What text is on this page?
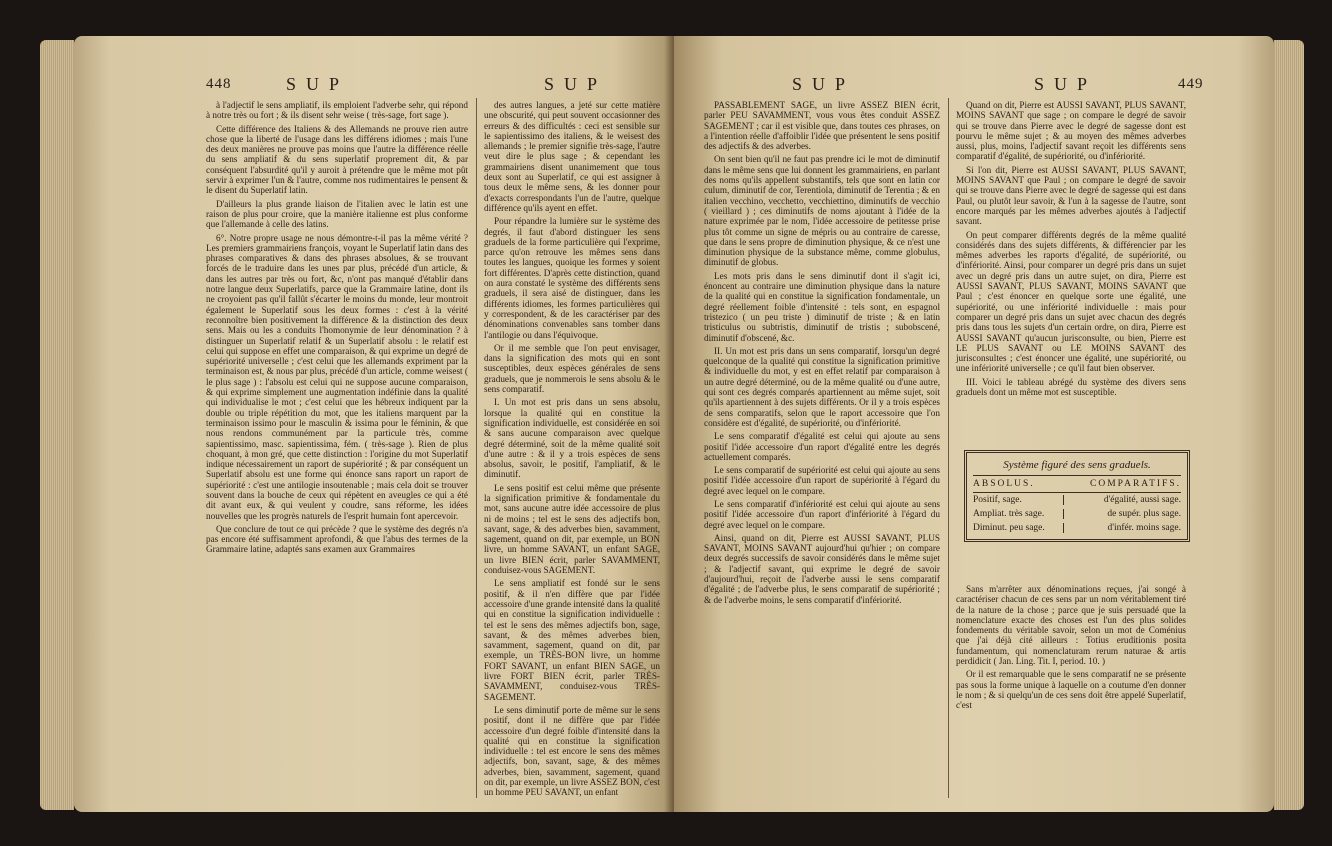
448	SUP	SUP

à l'adjectif le sens ampliatif, ils emploient l'adverbe sehr, qui répond à notre très ou fort ; & ils disent sehr weise ( très-sage, fort sage ).

Cette différence des Italiens & des Allemands ne prouve rien autre chose que la liberté de l'usage dans les différens idiomes ; mais l'une des deux manières ne prouve pas moins que l'autre la différence réelle du sens ampliatif & du sens superlatif proprement dit, & par conséquent l'absurdité qu'il y auroit à prétendre que le même mot pût servir à exprimer l'un & l'autre, comme nos rudimentaires le pensent & le disent du Superlatif latin.

D'ailleurs la plus grande liaison de l'italien avec le latin est une raison de plus pour croire, que la manière italienne est plus conforme que l'allemande à celle des latins.

6°. Notre propre usage ne nous démontre-t-il pas la même vérité ? Les premiers grammairiens françois, voyant le Superlatif latin dans des phrases comparatives & dans des phrases absolues, & se trouvant forcés de le traduire dans les unes par plus, précédé d'un article, & dans les autres par très ou fort, &c, n'ont pas manqué d'établir dans notre langue deux Superlatifs, parce que la Grammaire latine, dont ils ne croyoient pas qu'il fallût s'écarter le moins du monde, leur montroit également le Superlatif sous les deux formes : c'est à la vérité reconnoître bien positivement la différence & la distinction des deux sens. Mais ou les a conduits l'homonymie de leur dénomination ? à distinguer un Superlatif relatif & un Superlatif absolu : le relatif est celui qui suppose en effet une comparaison, & qui exprime un degré de supériorité universelle ; c'est celui que les allemands expriment par la terminaison est, & nous par plus, précédé d'un article, comme weisest ( le plus sage ) : l'absolu est celui qui ne suppose aucune comparaison, & qui exprime simplement une augmentation indéfinie dans la qualité qui individualise le mot ; c'est celui que les hébreux indiquent par la double ou triple répétition du mot, que les italiens marquent par la terminaison issimo pour le masculin & issima pour le féminin, & que nous rendons communément par la particule très, comme sapientissimo, masc. sapientissima, fém. ( très-sage ). Rien de plus choquant, à mon gré, que cette distinction : l'origine du mot Superlatif indique nécessairement un raport de supériorité ; & par conséquent un Superlatif absolu est une forme qui énonce sans raport un raport de supériorité : c'est une antilogie insoutenable ; mais cela doit se trouver souvent dans la bouche de ceux qui répètent en aveugles ce qui a été dit avant eux, & qui veulent y coudre, sans réforme, les idées nouvelles que les progrès naturels de l'esprit humain font apercevoir.

Que conclure de tout ce qui précède ? que le système des degrés n'a pas encore été suffisamment aprofondi, & que l'abus des termes de la Grammaire latine, adaptés sans examen aux Grammaires

des autres langues, a jeté sur cette matière une obscurité, qui peut souvent occasionner des erreurs & des difficultés : ceci est sensible sur le sapientissimo des italiens, & le weisest des allemands ; le premier signifie très-sage, l'autre veut dire le plus sage ; & cependant les grammairiens disent unanimement que tous deux sont au Superlatif, ce qui est assigner à tous deux le même sens, & les donner pour d'exacts correspondants l'un de l'autre, quelque différence qu'ils ayent en effet.

Pour répandre la lumière sur le système des degrés, il faut d'abord distinguer les sens graduels de la forme particulière qui l'exprime, parce qu'on retrouve les mêmes sens dans toutes les langues, quoique les formes y soient fort différentes. D'après cette distinction, quand on aura constaté le système des différents sens graduels, il sera aisé de distinguer, dans les différents idiomes, les formes particulières qui y correspondent, & de les caractériser par des dénominations convenables sans tomber dans l'antilogie ou dans l'équivoque.

Or il me semble que l'on peut envisager, dans la signification des mots qui en sont susceptibles, deux espèces générales de sens graduels, que je nommerois le sens absolu & le sens comparatif.

I. Un mot est pris dans un sens absolu, lorsque la qualité qui en constitue la signification individuelle, est considérée en soi & sans aucune comparaison avec quelque degré déterminé, soit de la même qualité soit d'une autre : & il y a trois espèces de sens absolus, savoir, le positif, l'ampliatif, & le diminutif.

Le sens positif est celui même que présente la signification primitive & fondamentale du mot, sans aucune autre idée accessoire de plus ni de moins ; tel est le sens des adjectifs bon, savant, sage, & des adverbes bien, savamment, sagement, quand on dit, par exemple, un BON livre, un homme SAVANT, un enfant SAGE, un livre BIEN écrit, parler SAVAMMENT, conduisez-vous SAGEMENT.

Le sens ampliatif est fondé sur le sens positif, & il n'en diffère que par l'idée accessoire d'une grande intensité dans la qualité qui en constitue la signification individuelle : tel est le sens des mêmes adjectifs bon, sage, savant, & des mêmes adverbes bien, savamment, sagement, quand on dit, par exemple, un TRÈS-BON livre, un homme FORT SAVANT, un enfant BIEN SAGE, un livre FORT BIEN écrit, parler TRÈS-SAVAMMENT, conduisez-vous TRÈS-SAGEMENT.

Le sens diminutif porte de même sur le sens positif, dont il ne diffère que par l'idée accessoire d'un degré foible d'intensité dans la qualité qui en constitue la signification individuelle : tel est encore le sens des mêmes adjectifs, bon, savant, sage, & des mêmes adverbes, bien, savamment, sagement, quand on dit, par exemple, un livre ASSEZ BON, c'est un homme PEU SAVANT, un enfant

SUP	SUP	449

PASSABLEMENT SAGE, un livre ASSEZ BIEN écrit, parler PEU SAVAMMENT, vous vous êtes conduit ASSEZ SAGEMENT ; car il est visible que, dans toutes ces phrases, on a l'intention réelle d'affoiblir l'idée que présentent le sens positif des adjectifs & des adverbes.

On sent bien qu'il ne faut pas prendre ici le mot de diminutif dans le même sens que lui donnent les grammairiens, en parlant des noms qu'ils appellent substantifs, tels que sont en latin cor culum, diminutif de cor, Terentiola, diminutif de Terentia ; & en italien vecchino, vecchetto, vecchiettino, diminutifs de vecchio ( vieillard ) ; ces diminutifs de noms ajoutant à l'idée de la nature exprimée par le nom, l'idée accessoire de petitesse prise plus tôt comme un signe de mépris ou au contraire de caresse, que dans le sens propre de diminution physique, & ce n'est une diminution physique de la substance même, comme globulus, diminutif de globus.

Les mots pris dans le sens diminutif dont il s'agit ici, énoncent au contraire une diminution physique dans la nature de la qualité qui en constitue la signification fondamentale, un degré réellement foible d'intensité : tels sont, en espagnol tristezico ( un peu triste ) diminutif de triste ; & en latin tristiculus ou subtristis, diminutif de tristis ; subobscené, diminutif d'obscené, &c.

II. Un mot est pris dans un sens comparatif, lorsqu'un degré quelconque de la qualité qui constitue la signification primitive & individuelle du mot, y est en effet relatif par comparaison à un autre degré déterminé, ou de la même qualité ou d'une autre, qui sont ces degrés comparés apartiennent au même sujet, soit qu'ils apartiennent à des sujets différents. Or il y a trois espèces de sens comparatifs, selon que le raport accessoire que l'on considère est d'égalité, de supériorité, ou d'infériorité.

Le sens comparatif d'égalité est celui qui ajoute au sens positif l'idée accessoire d'un raport d'égalité entre les degrés actuellement comparés.

Le sens comparatif de supériorité est celui qui ajoute au sens positif l'idée accessoire d'un raport de supériorité à l'égard du degré avec lequel on le compare.

Le sens comparatif d'infériorité est celui qui ajoute au sens positif l'idée accessoire d'un raport d'infériorité à l'égard du degré avec lequel on le compare.

Ainsi, quand on dit, Pierre est AUSSI SAVANT, PLUS SAVANT, MOINS SAVANT aujourd'hui qu'hier ; on compare deux degrés successifs de savoir considérés dans le même sujet ; & l'adjectif savant, qui exprime le degré de savoir d'aujourd'hui, reçoit de l'adverbe aussi le sens comparatif d'égalité ; de l'adverbe plus, le sens comparatif de supériorité ; & de l'adverbe moins, le sens comparatif d'infériorité.

Quand on dit, Pierre est AUSSI SAVANT, PLUS SAVANT, MOINS SAVANT que sage ; on compare le degré de savoir qui se trouve dans Pierre avec le degré de sagesse dont est pourvu le même sujet ; & au moyen des mêmes adverbes aussi, plus, moins, l'adjectif savant reçoit les différents sens comparatif d'égalité, de supériorité, ou d'infériorité.

Si l'on dit, Pierre est AUSSI SAVANT, PLUS SAVANT, MOINS SAVANT que Paul ; on compare le degré de savoir qui se trouve dans Pierre avec le degré de sagesse qui est dans Paul, ou plutôt leur savoir, & l'un à la sagesse de l'autre, sont encore marqués par les mêmes adverbes ajoutés à l'adjectif savant.

On peut comparer différents degrés de la même qualité considérés dans des sujets différents, & différencier par les mêmes adverbes les raports d'égalité, de supériorité, ou d'infériorité. Ainsi, pour comparer un degré pris dans un sujet avec un degré pris dans un autre sujet, on dira, Pierre est AUSSI SAVANT, PLUS SAVANT, MOINS SAVANT que Paul ; c'est énoncer en quelque sorte une égalité, une supériorité, ou une infériorité individuelle : mais pour comparer un degré pris dans un sujet avec chacun des degrés pris dans tous les sujets d'un certain ordre, on dira, Pierre est AUSSI SAVANT qu'aucun jurisconsulte, ou bien, Pierre est LE PLUS SAVANT ou LE MOINS SAVANT des jurisconsultes ; c'est énoncer une égalité, une supériorité, ou une infériorité universelle ; ce qu'il faut bien observer.

III. Voici le tableau abrégé du système des divers sens graduels dont un même mot est susceptible.

Système figuré des sens graduels.
ABSOLUS.	COMPARATIFS.
Positif, sage.	d'égalité, aussi sage.
Ampliat. très sage.	de supér. plus sage.
Diminut. peu sage.	d'infér. moins sage.

Sans m'arrêter aux dénominations reçues, j'ai songé à caractériser chacun de ces sens par un nom véritablement tiré de la nature de la chose ; parce que je suis persuadé que la nomenclature exacte des choses est l'un des plus solides fondements du véritable savoir, selon un mot de Coménius que j'ai déjà cité ailleurs : Totius eruditionis posita fundamentum, qui nomenclaturam rerum naturae & artis perdidicit ( Jan. Ling. Tit. I, period. 10. )

Or il est remarquable que le sens comparatif ne se présente pas sous la forme unique à laquelle on a coutume d'en donner le nom ; & si quelqu'un de ces sens doit être appelé Superlatif, c'est
